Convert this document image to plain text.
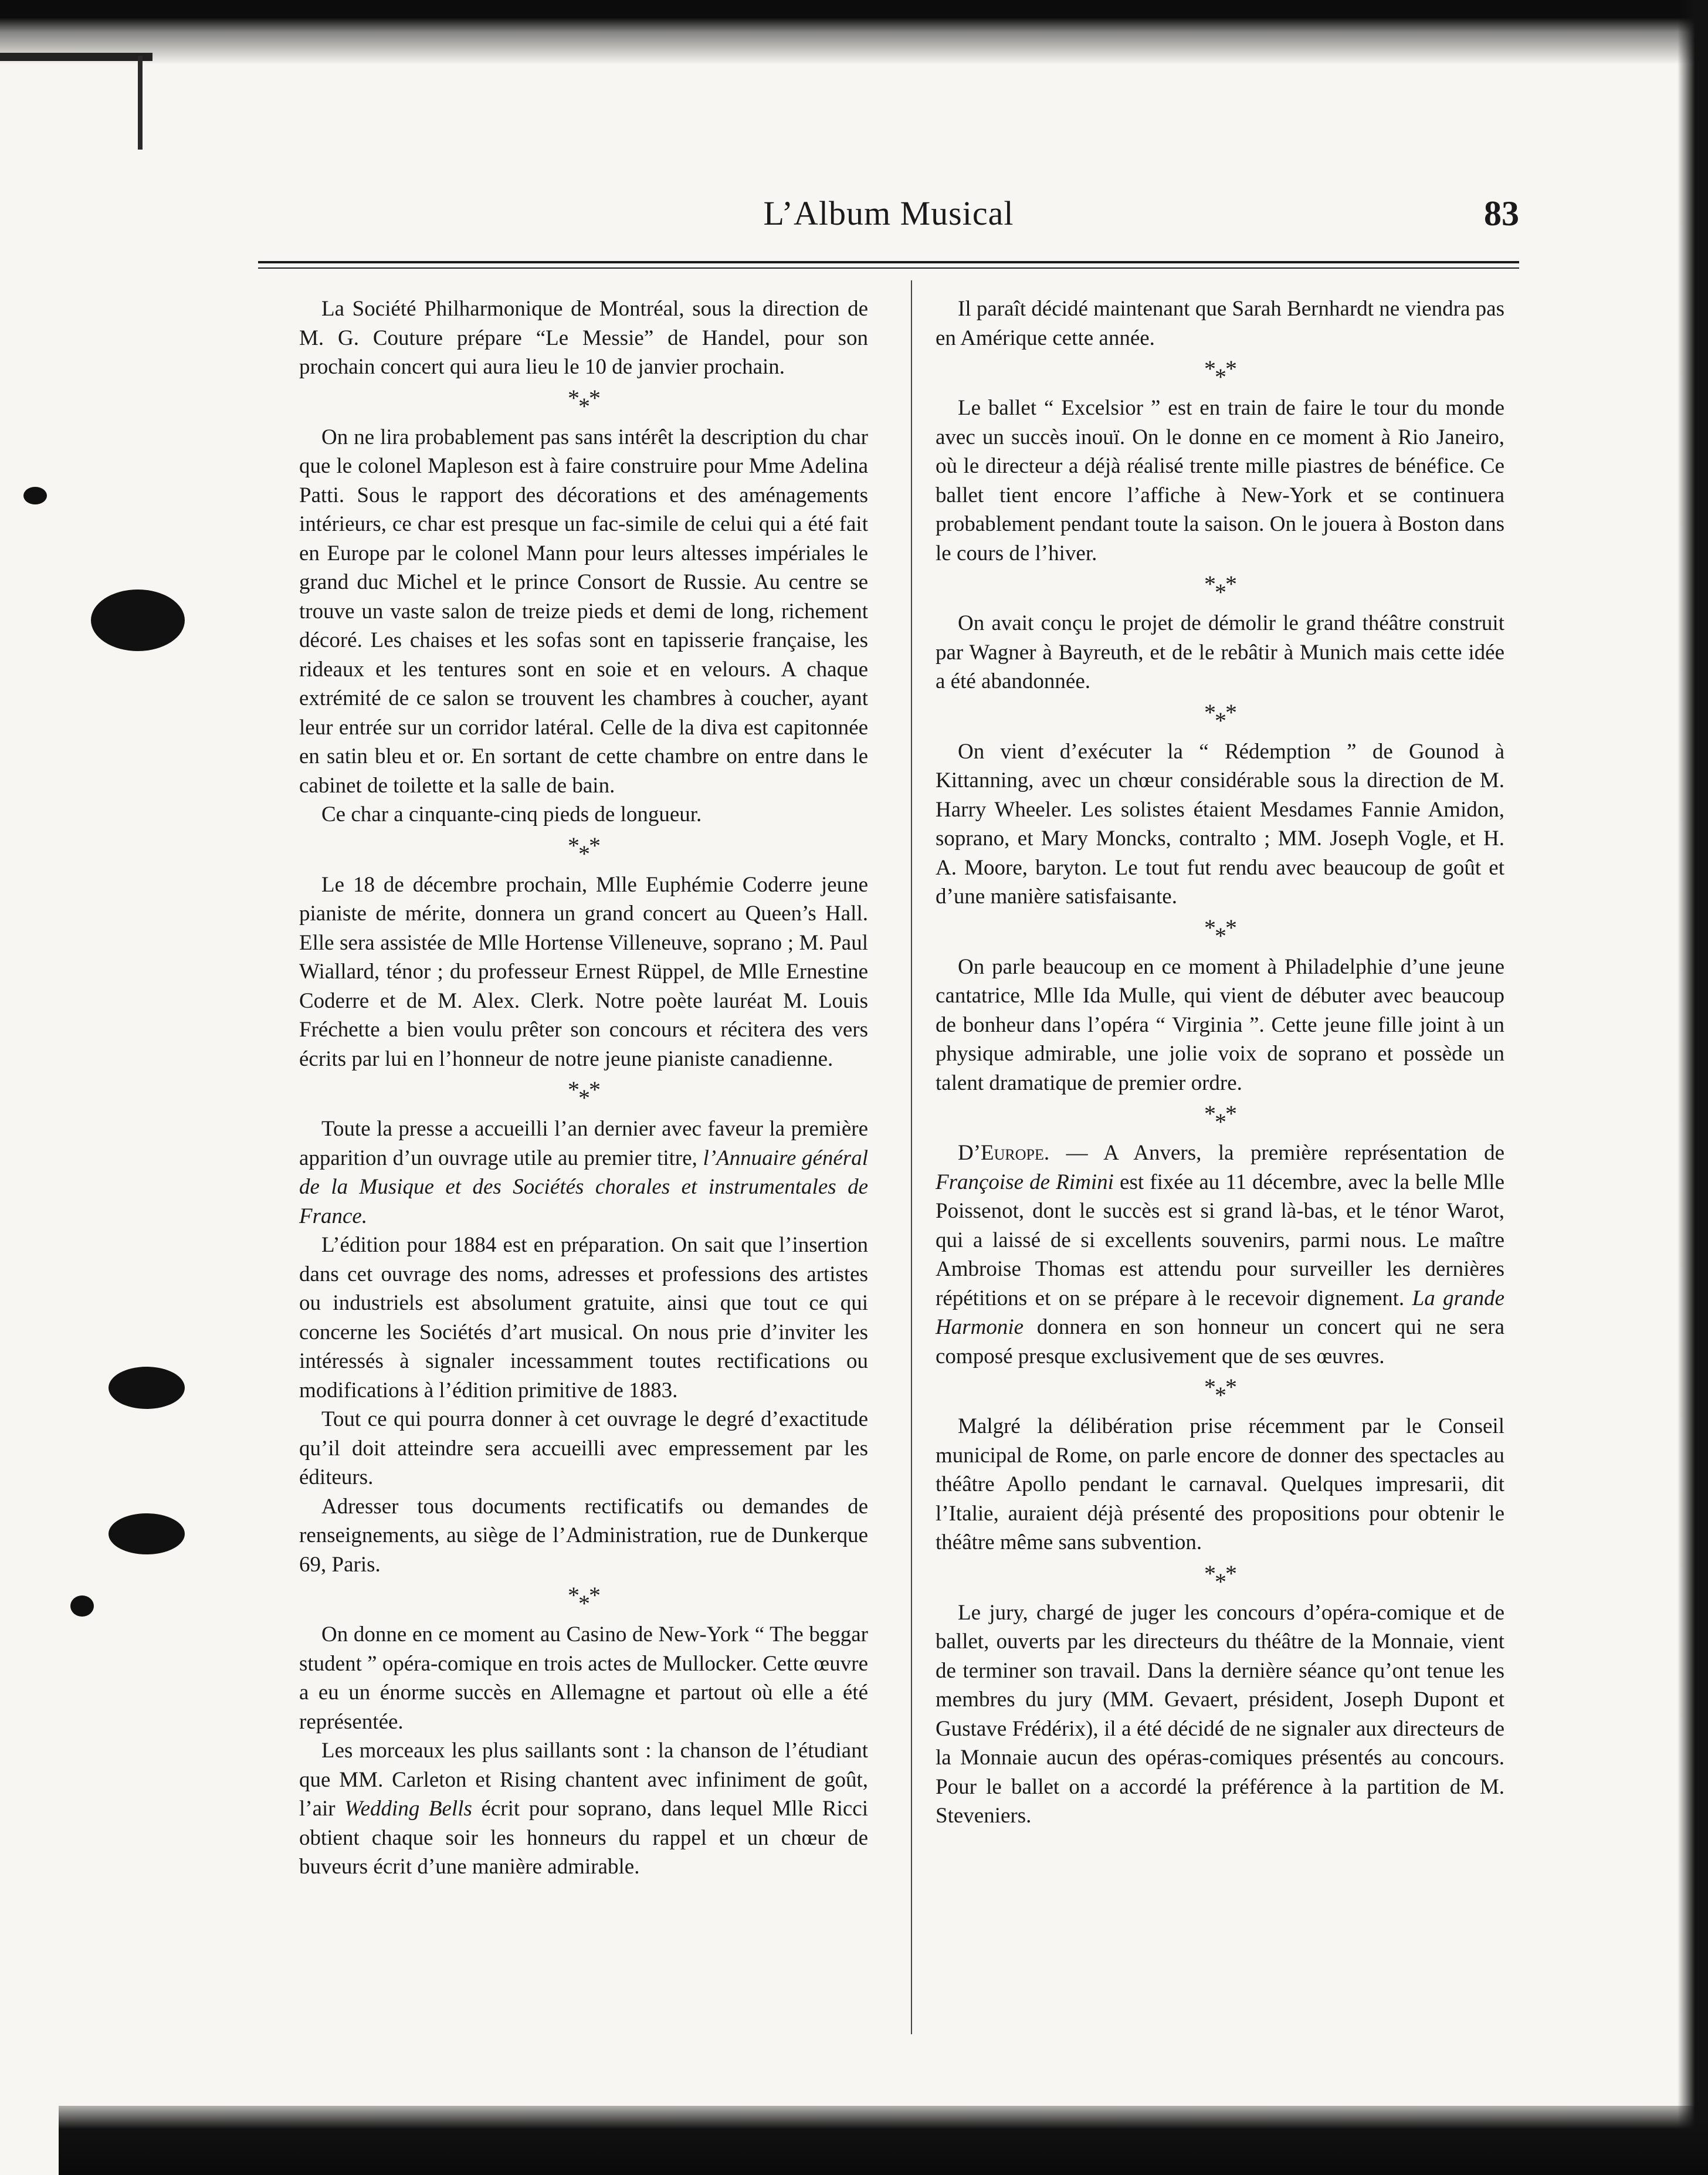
L’Album Musical	83

La Société Philharmonique de Montréal, sous la direction de M. G. Couture prépare “Le Messie” de Handel, pour son prochain concert qui aura lieu le 10 de janvier prochain.

***

On ne lira probablement pas sans intérêt la description du char que le colonel Mapleson est à faire construire pour Mme Adelina Patti. Sous le rapport des décorations et des aménagements intérieurs, ce char est presque un fac-simile de celui qui a été fait en Europe par le colonel Mann pour leurs altesses impériales le grand duc Michel et le prince Consort de Russie. Au centre se trouve un vaste salon de treize pieds et demi de long, richement décoré. Les chaises et les sofas sont en tapisserie française, les rideaux et les tentures sont en soie et en velours. A chaque extrémité de ce salon se trouvent les chambres à coucher, ayant leur entrée sur un corridor latéral. Celle de la diva est capitonnée en satin bleu et or. En sortant de cette chambre on entre dans le cabinet de toilette et la salle de bain.

Ce char a cinquante-cinq pieds de longueur.

***

Le 18 de décembre prochain, Mlle Euphémie Coderre jeune pianiste de mérite, donnera un grand concert au Queen’s Hall. Elle sera assistée de Mlle Hortense Villeneuve, soprano ; M. Paul Wiallard, ténor ; du professeur Ernest Rüppel, de Mlle Ernestine Coderre et de M. Alex. Clerk. Notre poète lauréat M. Louis Fréchette a bien voulu prêter son concours et récitera des vers écrits par lui en l’honneur de notre jeune pianiste canadienne.

***

Toute la presse a accueilli l’an dernier avec faveur la première apparition d’un ouvrage utile au premier titre, l’Annuaire général de la Musique et des Sociétés chorales et instrumentales de France.

L’édition pour 1884 est en préparation. On sait que l’insertion dans cet ouvrage des noms, adresses et professions des artistes ou industriels est absolument gratuite, ainsi que tout ce qui concerne les Sociétés d’art musical. On nous prie d’inviter les intéressés à signaler incessamment toutes rectifications ou modifications à l’édition primitive de 1883.

Tout ce qui pourra donner à cet ouvrage le degré d’exactitude qu’il doit atteindre sera accueilli avec empressement par les éditeurs.

Adresser tous documents rectificatifs ou demandes de renseignements, au siège de l’Administration, rue de Dunkerque 69, Paris.

***

On donne en ce moment au Casino de New-York “ The beggar student ” opéra-comique en trois actes de Mullocker. Cette œuvre a eu un énorme succès en Allemagne et partout où elle a été représentée.

Les morceaux les plus saillants sont : la chanson de l’étudiant que MM. Carleton et Rising chantent avec infiniment de goût, l’air Wedding Bells écrit pour soprano, dans lequel Mlle Ricci obtient chaque soir les honneurs du rappel et un chœur de buveurs écrit d’une manière admirable.

Il paraît décidé maintenant que Sarah Bernhardt ne viendra pas en Amérique cette année.

***

Le ballet “ Excelsior ” est en train de faire le tour du monde avec un succès inouï. On le donne en ce moment à Rio Janeiro, où le directeur a déjà réalisé trente mille piastres de bénéfice. Ce ballet tient encore l’affiche à New-York et se continuera probablement pendant toute la saison. On le jouera à Boston dans le cours de l’hiver.

***

On avait conçu le projet de démolir le grand théâtre construit par Wagner à Bayreuth, et de le rebâtir à Munich mais cette idée a été abandonnée.

***

On vient d’exécuter la “ Rédemption ” de Gounod à Kittanning, avec un chœur considérable sous la direction de M. Harry Wheeler. Les solistes étaient Mesdames Fannie Amidon, soprano, et Mary Moncks, contralto ; MM. Joseph Vogle, et H. A. Moore, baryton. Le tout fut rendu avec beaucoup de goût et d’une manière satisfaisante.

***

On parle beaucoup en ce moment à Philadelphie d’une jeune cantatrice, Mlle Ida Mulle, qui vient de débuter avec beaucoup de bonheur dans l’opéra “ Virginia ”. Cette jeune fille joint à un physique admirable, une jolie voix de soprano et possède un talent dramatique de premier ordre.

***

D’Europe. — A Anvers, la première représentation de Françoise de Rimini est fixée au 11 décembre, avec la belle Mlle Poissenot, dont le succès est si grand là-bas, et le ténor Warot, qui a laissé de si excellents souvenirs, parmi nous. Le maître Ambroise Thomas est attendu pour surveiller les dernières répétitions et on se prépare à le recevoir dignement. La grande Harmonie donnera en son honneur un concert qui ne sera composé presque exclusivement que de ses œuvres.

***

Malgré la délibération prise récemment par le Conseil municipal de Rome, on parle encore de donner des spectacles au théâtre Apollo pendant le carnaval. Quelques impresarii, dit l’Italie, auraient déjà présenté des propositions pour obtenir le théâtre même sans subvention.

***

Le jury, chargé de juger les concours d’opéra-comique et de ballet, ouverts par les directeurs du théâtre de la Monnaie, vient de terminer son travail. Dans la dernière séance qu’ont tenue les membres du jury (MM. Gevaert, président, Joseph Dupont et Gustave Frédérix), il a été décidé de ne signaler aux directeurs de la Monnaie aucun des opéras-comiques présentés au concours. Pour le ballet on a accordé la préférence à la partition de M. Steveniers.
